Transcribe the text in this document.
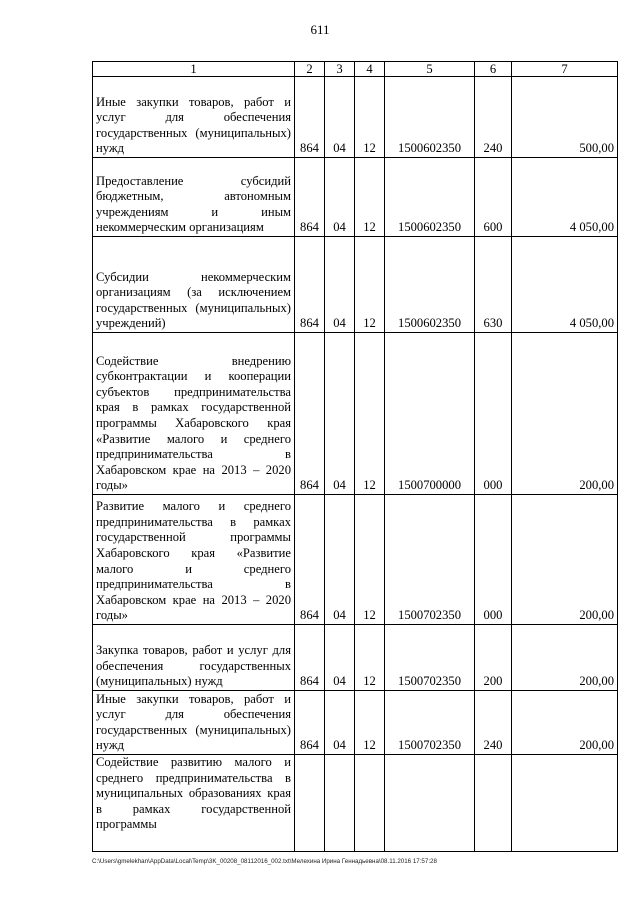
611
1	2	3	4	5	6	7
Иные закупки товаров, работ и услуг для обеспечения государственных (муниципальных) нужд	864	04	12	1500602350	240	500,00
Предоставление субсидий бюджетным, автономным учреждениям и иным некоммерческим организациям	864	04	12	1500602350	600	4 050,00
Субсидии некоммерческим организациям (за исключением государственных (муниципальных) учреждений)	864	04	12	1500602350	630	4 050,00
Содействие внедрению субконтрактации и кооперации субъектов предпринимательства края в рамках государственной программы Хабаровского края «Развитие малого и среднего предпринимательства в Хабаровском крае на 2013 – 2020 годы»	864	04	12	1500700000	000	200,00
Развитие малого и среднего предпринимательства в рамках государственной программы Хабаровского края «Развитие малого и среднего предпринимательства в Хабаровском крае на 2013 – 2020 годы»	864	04	12	1500702350	000	200,00
Закупка товаров, работ и услуг для обеспечения государственных (муниципальных) нужд	864	04	12	1500702350	200	200,00
Иные закупки товаров, работ и услуг для обеспечения государственных (муниципальных) нужд	864	04	12	1500702350	240	200,00
Содействие развитию малого и среднего предпринимательства в муниципальных образованиях края в рамках государственной программы						
C:\Users\gmelekhan\AppData\Local\Temp\3K_00208_08112016_002.txt\Мелехина Ирина Геннадьевна\08.11.2016 17:57:28
